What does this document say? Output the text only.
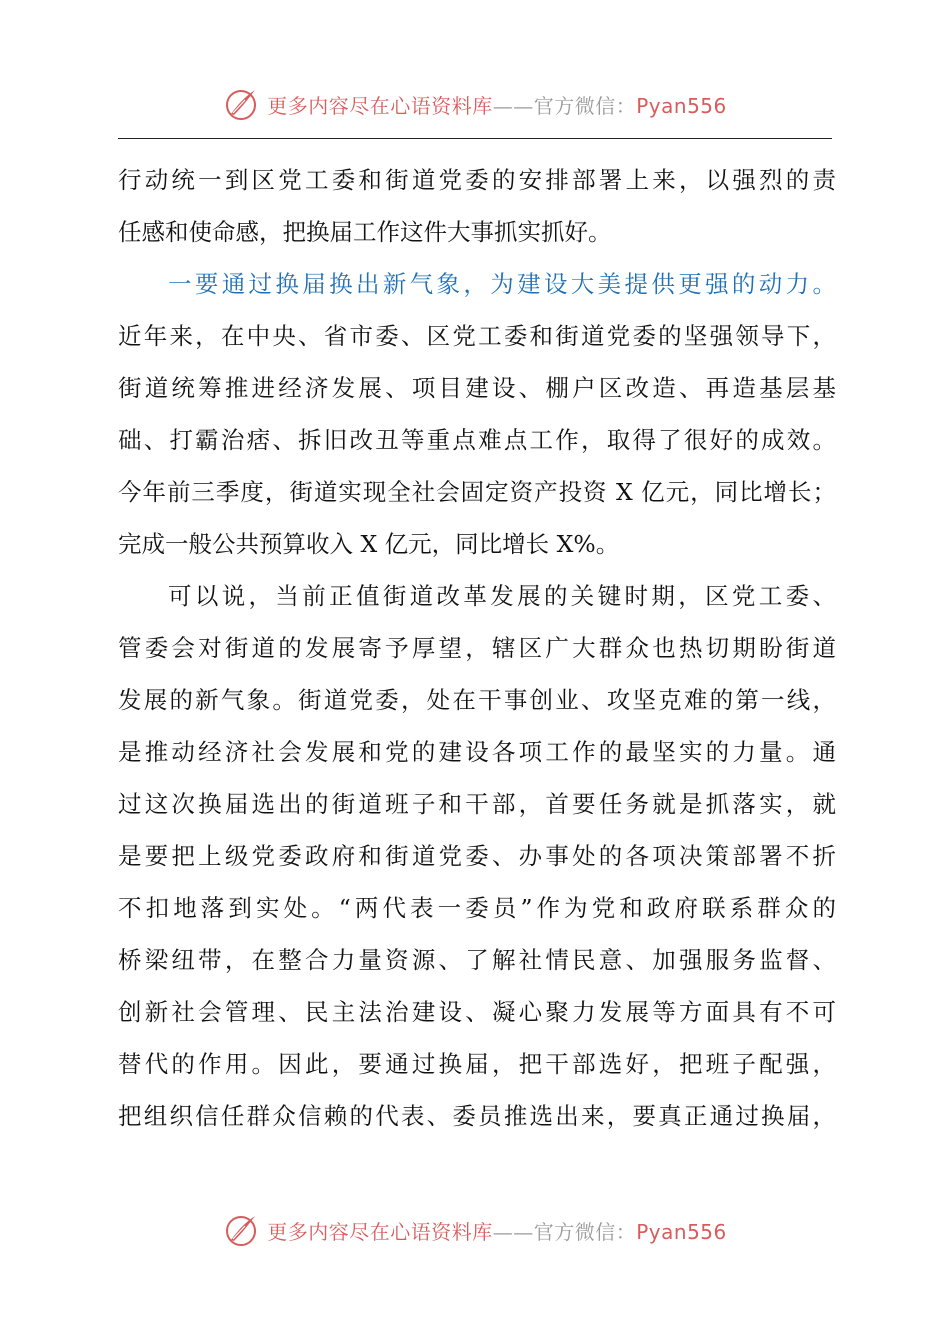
更多内容尽在心语资料库——官方微信：Pyan556
行动统一到区党工委和街道党委的安排部署上来，以强烈的责
任感和使命感，把换届工作这件大事抓实抓好。
一要通过换届换出新气象，为建设大美提供更强的动力。
近年来，在中央、省市委、区党工委和街道党委的坚强领导下，
街道统筹推进经济发展、项目建设、棚户区改造、再造基层基
础、打霸治痞、拆旧改丑等重点难点工作，取得了很好的成效。
今年前三季度，街道实现全社会固定资产投资 X 亿元，同比增长；
完成一般公共预算收入 X 亿元，同比增长 X%。
可以说，当前正值街道改革发展的关键时期，区党工委、
管委会对街道的发展寄予厚望，辖区广大群众也热切期盼街道
发展的新气象。街道党委，处在干事创业、攻坚克难的第一线，
是推动经济社会发展和党的建设各项工作的最坚实的力量。通
过这次换届选出的街道班子和干部，首要任务就是抓落实，就
是要把上级党委政府和街道党委、办事处的各项决策部署不折
不扣地落到实处。“两代表一委员”作为党和政府联系群众的
桥梁纽带，在整合力量资源、了解社情民意、加强服务监督、
创新社会管理、民主法治建设、凝心聚力发展等方面具有不可
替代的作用。因此，要通过换届，把干部选好，把班子配强，
把组织信任群众信赖的代表、委员推选出来，要真正通过换届，
更多内容尽在心语资料库——官方微信：Pyan556
